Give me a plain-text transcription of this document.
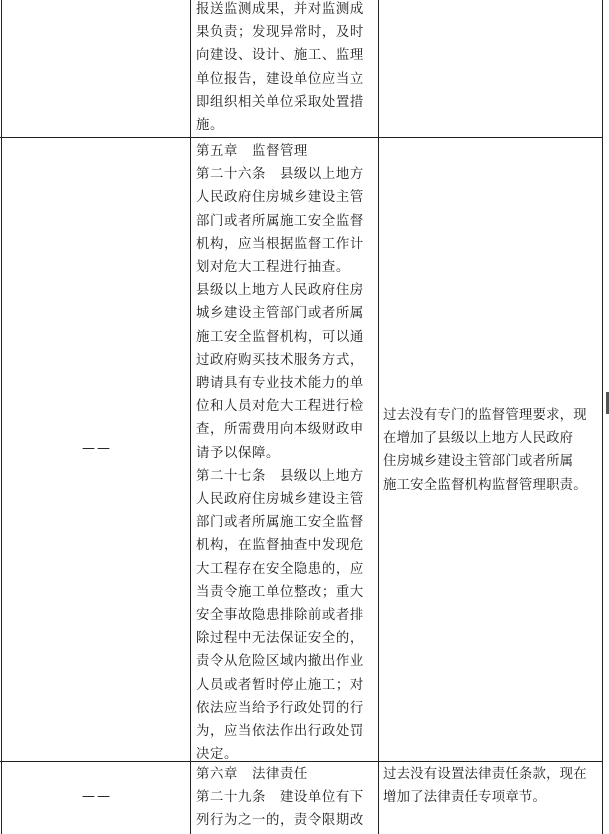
报送监测成果，并对监测成
果负责；发现异常时，及时
向建设、设计、施工、监理
单位报告，建设单位应当立
即组织相关单位采取处置措
施。
——
第五章　监督管理
第二十六条　县级以上地方
人民政府住房城乡建设主管
部门或者所属施工安全监督
机构，应当根据监督工作计
划对危大工程进行抽查。
县级以上地方人民政府住房
城乡建设主管部门或者所属
施工安全监督机构，可以通
过政府购买技术服务方式，
聘请具有专业技术能力的单
位和人员对危大工程进行检
查，所需费用向本级财政申
请予以保障。
第二十七条　县级以上地方
人民政府住房城乡建设主管
部门或者所属施工安全监督
机构，在监督抽查中发现危
大工程存在安全隐患的，应
当责令施工单位整改；重大
安全事故隐患排除前或者排
除过程中无法保证安全的，
责令从危险区域内撤出作业
人员或者暂时停止施工；对
依法应当给予行政处罚的行
为，应当依法作出行政处罚
决定。
过去没有专门的监督管理要求，现
在增加了县级以上地方人民政府
住房城乡建设主管部门或者所属
施工安全监督机构监督管理职责。
——
第六章　法律责任
第二十九条　建设单位有下
列行为之一的，责令限期改
过去没有设置法律责任条款，现在
增加了法律责任专项章节。
